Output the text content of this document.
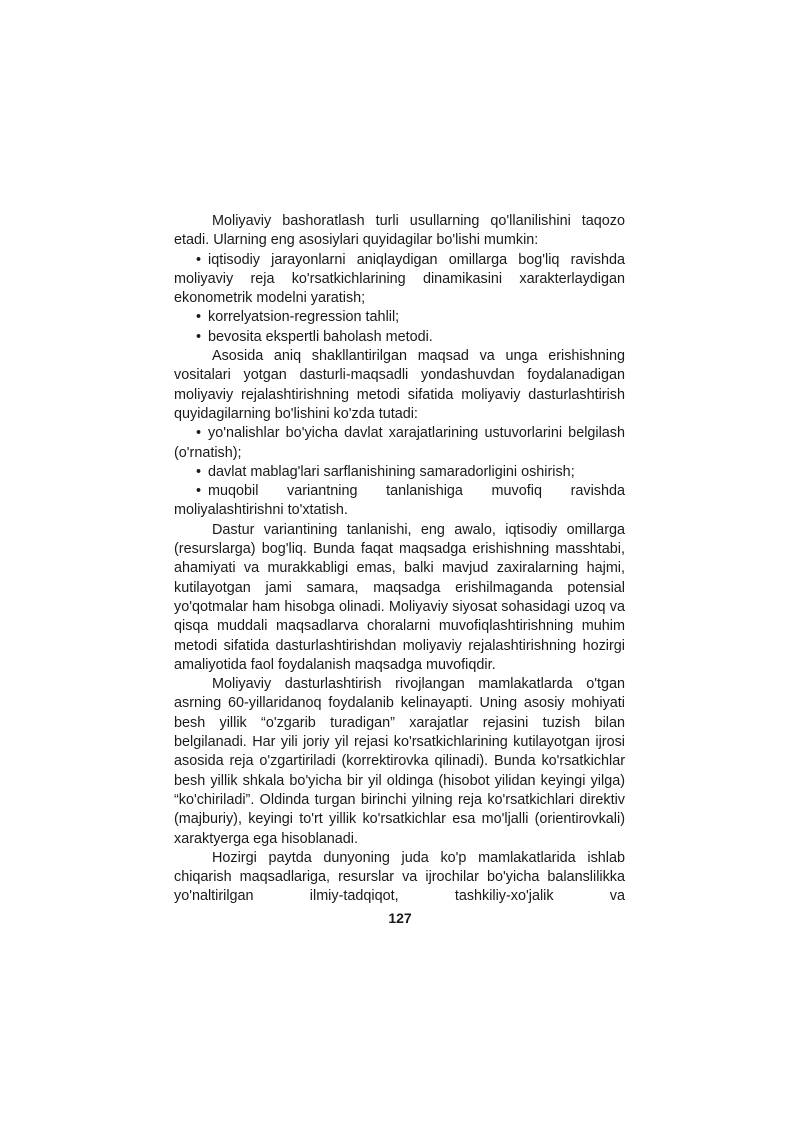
Moliyaviy bashoratlash turli usullarning qo'llanilishini taqozo etadi. Ularning eng asosiylari quyidagilar bo'lishi mumkin:

• iqtisodiy jarayonlarni aniqlaydigan omillarga bog'liq ravishda moliyaviy reja ko'rsatkichlarining dinamikasini xarakterlaydigan ekonometrik modelni yaratish;

• korrelyatsion-regression tahlil;

• bevosita ekspertli baholash metodi.

Asosida aniq shakllantirilgan maqsad va unga erishishning vositalari yotgan dasturli-maqsadli yondashuvdan foydalanadigan moliyaviy rejalashtirishning metodi sifatida moliyaviy dasturlashtirish quyidagilarning bo'lishini ko'zda tutadi:

• yo'nalishlar bo'yicha davlat xarajatlarining ustuvorlarini belgilash (o'rnatish);

• davlat mablag'lari sarflanishining samaradorligini oshirish;

• muqobil variantning tanlanishiga muvofiq ravishda moliyalashtirishni to'xtatish.

Dastur variantining tanlanishi, eng awalo, iqtisodiy omillarga (resurslarga) bog'liq. Bunda faqat maqsadga erishishning masshtabi, ahamiyati va murakkabligi emas, balki mavjud zaxiralarning hajmi, kutilayotgan jami samara, maqsadga erishilmaganda potensial yo'qotmalar ham hisobga olinadi. Moliyaviy siyosat sohasidagi uzoq va qisqa muddali maqsadlarva choralarni muvofiqlashtirishning muhim metodi sifatida dasturlashtirishdan moliyaviy rejalashtirishning hozirgi amaliyotida faol foydalanish maqsadga muvofiqdir.

Moliyaviy dasturlashtirish rivojlangan mamlakatlarda o'tgan asrning 60-yillaridanoq foydalanib kelinayapti. Uning asosiy mohiyati besh yillik “o'zgarib turadigan” xarajatlar rejasini tuzish bilan belgilanadi. Har yili joriy yil rejasi ko'rsatkichlarining kutilayotgan ijrosi asosida reja o'zgartiriladi (korrektirovka qilinadi). Bunda ko'rsatkichlar besh yillik shkala bo'yicha bir yil oldinga (hisobot yilidan keyingi yilga) “ko'chiriladi”. Oldinda turgan birinchi yilning reja ko'rsatkichlari direktiv (majburiy), keyingi to'rt yillik ko'rsatkichlar esa mo'ljalli (orientirovkali) xaraktyerga ega hisoblanadi.

Hozirgi paytda dunyoning juda ko'p mamlakatlarida ishlab chiqarish maqsadlariga, resurslar va ijrochilar bo'yicha balanslilikka yo'naltirilgan ilmiy-tadqiqot, tashkiliy-xo'jalik va

127
